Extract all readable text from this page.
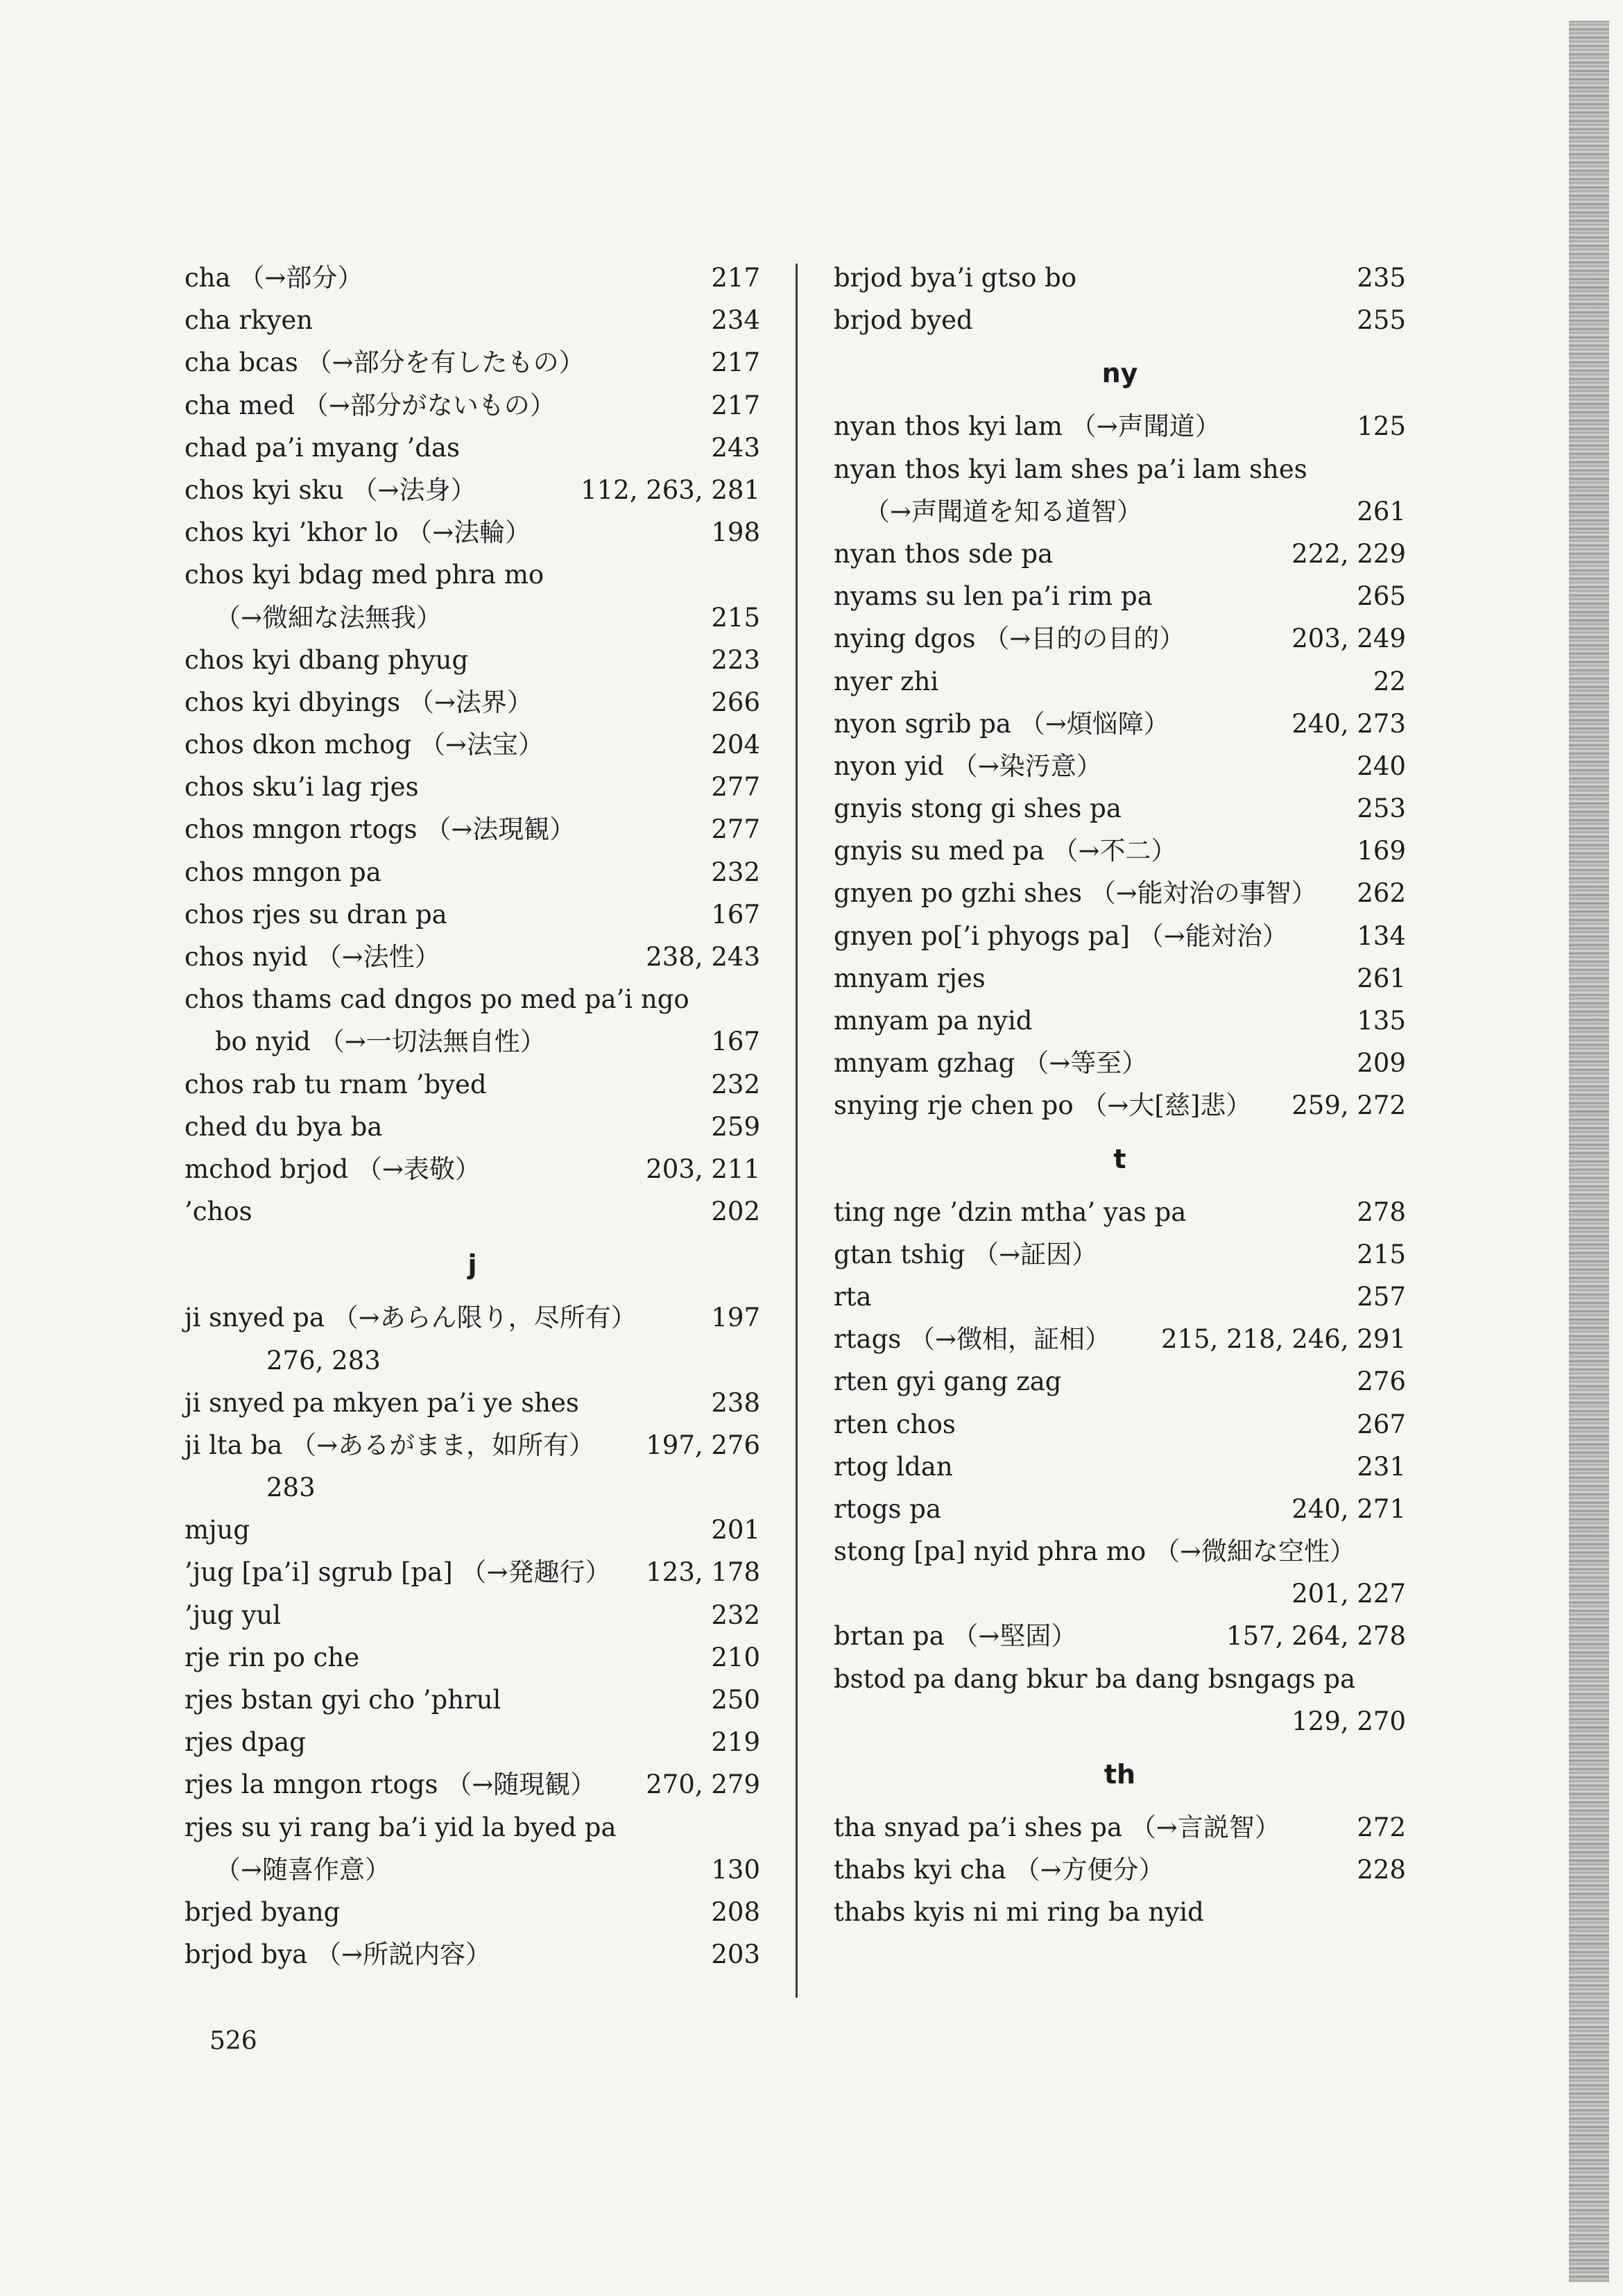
cha （→部分）	217
cha rkyen	234
cha bcas （→部分を有したもの）	217
cha med （→部分がないもの）	217
chad pa’i myang ’das	243
chos kyi sku （→法身）	112, 263, 281
chos kyi ’khor lo （→法輪）	198
chos kyi bdag med phra mo
（→微細な法無我）	215
chos kyi dbang phyug	223
chos kyi dbyings （→法界）	266
chos dkon mchog （→法宝）	204
chos sku’i lag rjes	277
chos mngon rtogs （→法現観）	277
chos mngon pa	232
chos rjes su dran pa	167
chos nyid （→法性）	238, 243
chos thams cad dngos po med pa’i ngo
bo nyid （→一切法無自性）	167
chos rab tu rnam ’byed	232
ched du bya ba	259
mchod brjod （→表敬）	203, 211
’chos	202
j
ji snyed pa （→あらん限り，尽所有）	197
276, 283
ji snyed pa mkyen pa’i ye shes	238
ji lta ba （→あるがまま，如所有） 197, 276
283
mjug	201
’jug [pa’i] sgrub [pa] （→発趣行） 123, 178
’jug yul	232
rje rin po che	210
rjes bstan gyi cho ’phrul	250
rjes dpag	219
rjes la mngon rtogs （→随現観） 270, 279
rjes su yi rang ba’i yid la byed pa
（→随喜作意）	130
brjed byang	208
brjod bya （→所説内容）	203
brjod bya’i gtso bo	235
brjod byed	255
ny
nyan thos kyi lam （→声聞道）	125
nyan thos kyi lam shes pa’i lam shes
（→声聞道を知る道智）	261
nyan thos sde pa	222, 229
nyams su len pa’i rim pa	265
nying dgos （→目的の目的）	203, 249
nyer zhi	22
nyon sgrib pa （→煩悩障）	240, 273
nyon yid （→染汚意）	240
gnyis stong gi shes pa	253
gnyis su med pa （→不二）	169
gnyen po gzhi shes （→能対治の事智） 262
gnyen po[’i phyogs pa] （→能対治）	134
mnyam rjes	261
mnyam pa nyid	135
mnyam gzhag （→等至）	209
snying rje chen po （→大[慈]悲） 259, 272
t
ting nge ’dzin mtha’ yas pa	278
gtan tshig （→証因）	215
rta	257
rtags （→徴相，証相） 215, 218, 246, 291
rten gyi gang zag	276
rten chos	267
rtog ldan	231
rtogs pa	240, 271
stong [pa] nyid phra mo （→微細な空性）
201, 227
brtan pa （→堅固）	157, 264, 278
bstod pa dang bkur ba dang bsngags pa
129, 270
th
tha snyad pa’i shes pa （→言説智）	272
thabs kyi cha （→方便分）	228
thabs kyis ni mi ring ba nyid
526
